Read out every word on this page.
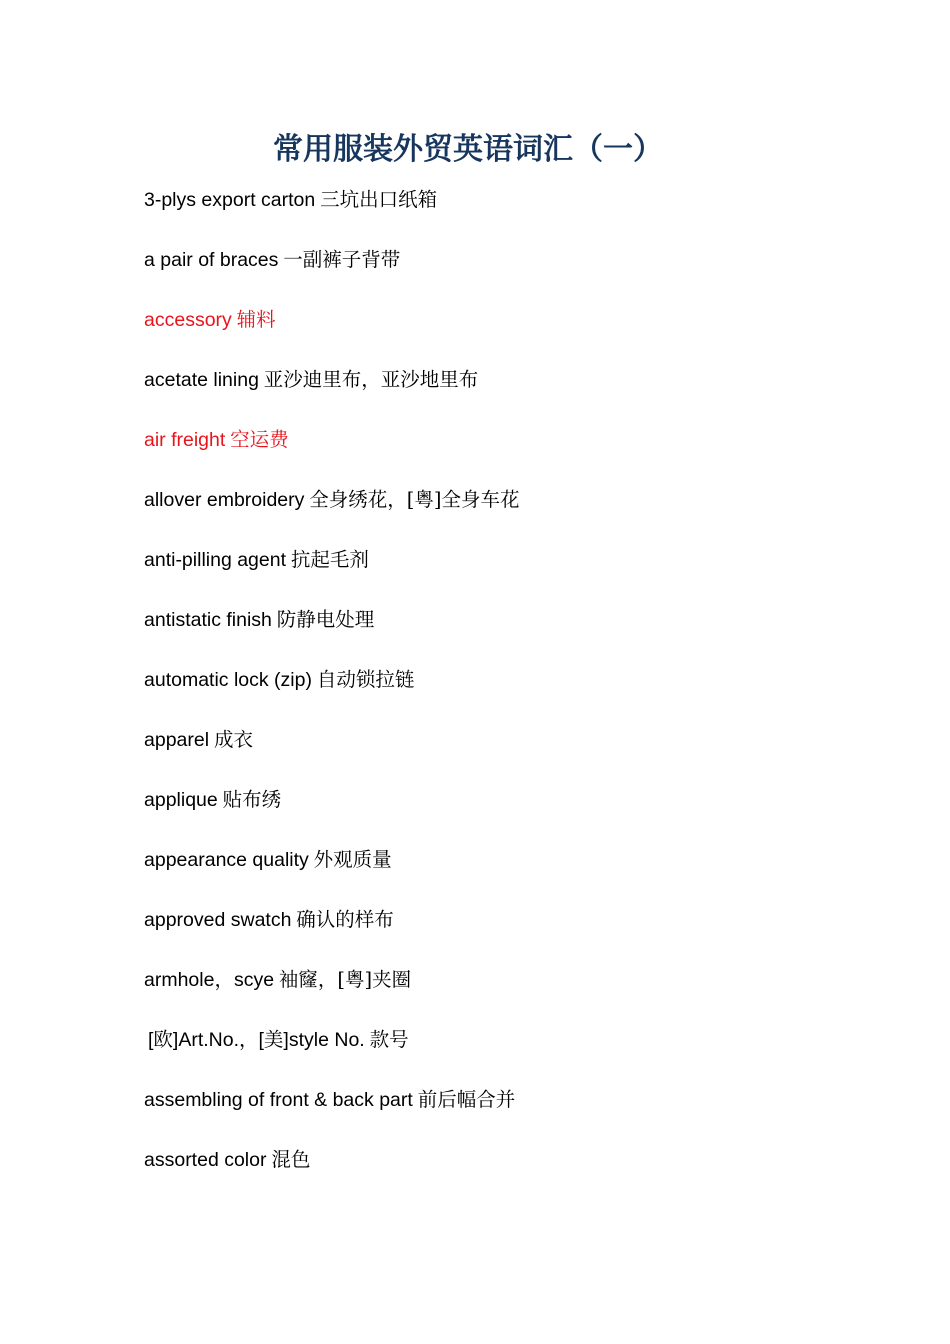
常用服装外贸英语词汇（一）
3-plys export carton 三坑出口纸箱
a pair of braces 一副裤子背带
accessory 辅料
acetate lining 亚沙迪里布，亚沙地里布
air freight 空运费
allover embroidery 全身绣花，[粤]全身车花
anti-pilling agent 抗起毛剂
antistatic finish 防静电处理
automatic lock (zip) 自动锁拉链
apparel 成衣
applique 贴布绣
appearance quality 外观质量
approved swatch 确认的样布
armhole，scye 袖窿，[粤]夹圈
[欧]Art.No.，[美]style No. 款号
assembling of front & back part 前后幅合并
assorted color 混色
